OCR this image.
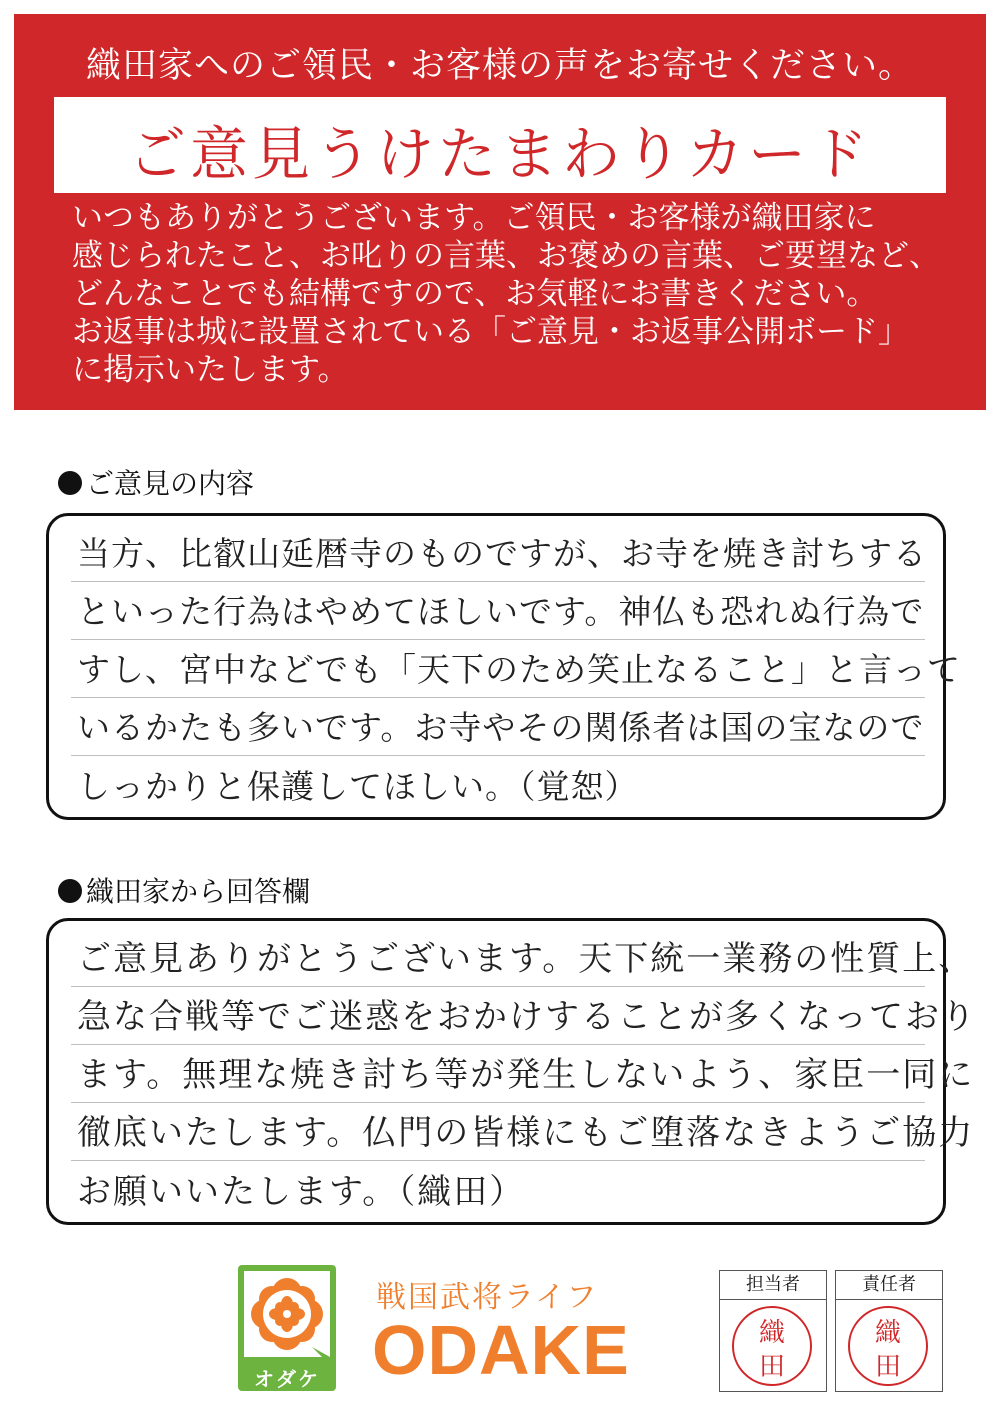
織田家へのご領民・お客様の声をお寄せください。
ご意見うけたまわりカード
いつもありがとうございます。ご領民・お客様が織田家に
感じられたこと、お叱りの言葉、お褒めの言葉、ご要望など、
どんなことでも結構ですので、お気軽にお書きください。
お返事は城に設置されている「ご意見・お返事公開ボード」
に掲示いたします。
ご意見の内容
当方、比叡山延暦寺のものですが、お寺を焼き討ちする
といった行為はやめてほしいです。神仏も恐れぬ行為で
すし、宮中などでも「天下のため笑止なること」と言って
いるかたも多いです。お寺やその関係者は国の宝なので
しっかりと保護してほしい。（覚恕）
織田家から回答欄
ご意見ありがとうございます。天下統一業務の性質上、
急な合戦等でご迷惑をおかけすることが多くなっており
ます。無理な焼き討ち等が発生しないよう、家臣一同に
徹底いたします。仏門の皆様にもご堕落なきようご協力
お願いいたします。（織田）
オダケ
戦国武将ライフ
ODAKE
担当者
織
田
責任者
織
田
